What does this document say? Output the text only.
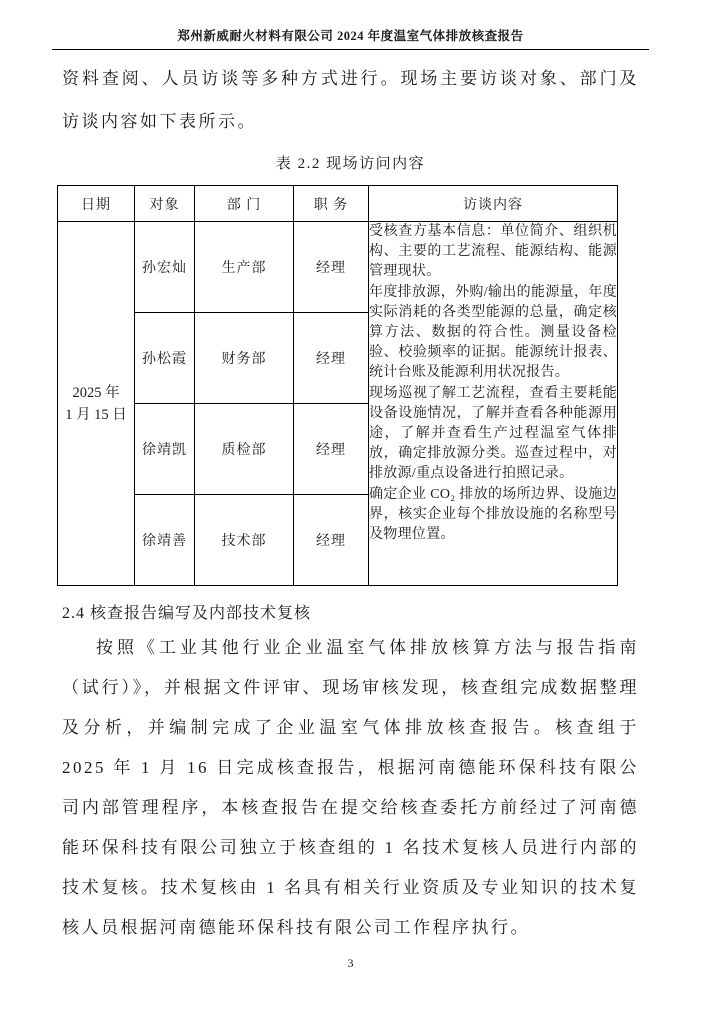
郑州新威耐火材料有限公司 2024 年度温室气体排放核查报告

资料查阅、人员访谈等多种方式进行。现场主要访谈对象、部门及访谈内容如下表所示。

表 2.2 现场访问内容
日期	对象	部 门	职 务	访谈内容

2025 年
1 月 15 日
	孙宏灿	生产部	经理	

受核查方基本信息：单位简介、组织机构、主要的工艺流程、能源结构、能源管理现状。

年度排放源，外购/输出的能源量，年度实际消耗的各类型能源的总量，确定核算方法、数据的符合性。测量设备检验、校验频率的证据。能源统计报表、统计台账及能源利用状况报告。

现场巡视了解工艺流程，查看主要耗能设备设施情况，了解并查看各种能源用途，了解并查看生产过程温室气体排放，确定排放源分类。巡查过程中，对排放源/重点设备进行拍照记录。

确定企业 CO₂ 排放的场所边界、设施边界，核实企业每个排放设施的名称型号及物理位置。

	孙松霞	财务部	经理	
	徐靖凯	质检部	经理	
	徐靖善	技术部	经理	
2.4 核查报告编写及内部技术复核

按照《工业其他行业企业温室气体排放核算方法与报告指南（试行）》，并根据文件评审、现场审核发现，核查组完成数据整理及分析，并编制完成了企业温室气体排放核查报告。核查组于 2025 年 1 月 16 日完成核查报告，根据河南德能环保科技有限公司内部管理程序，本核查报告在提交给核查委托方前经过了河南德能环保科技有限公司独立于核查组的 1 名技术复核人员进行内部的技术复核。技术复核由 1 名具有相关行业资质及专业知识的技术复核人员根据河南德能环保科技有限公司工作程序执行。

3
